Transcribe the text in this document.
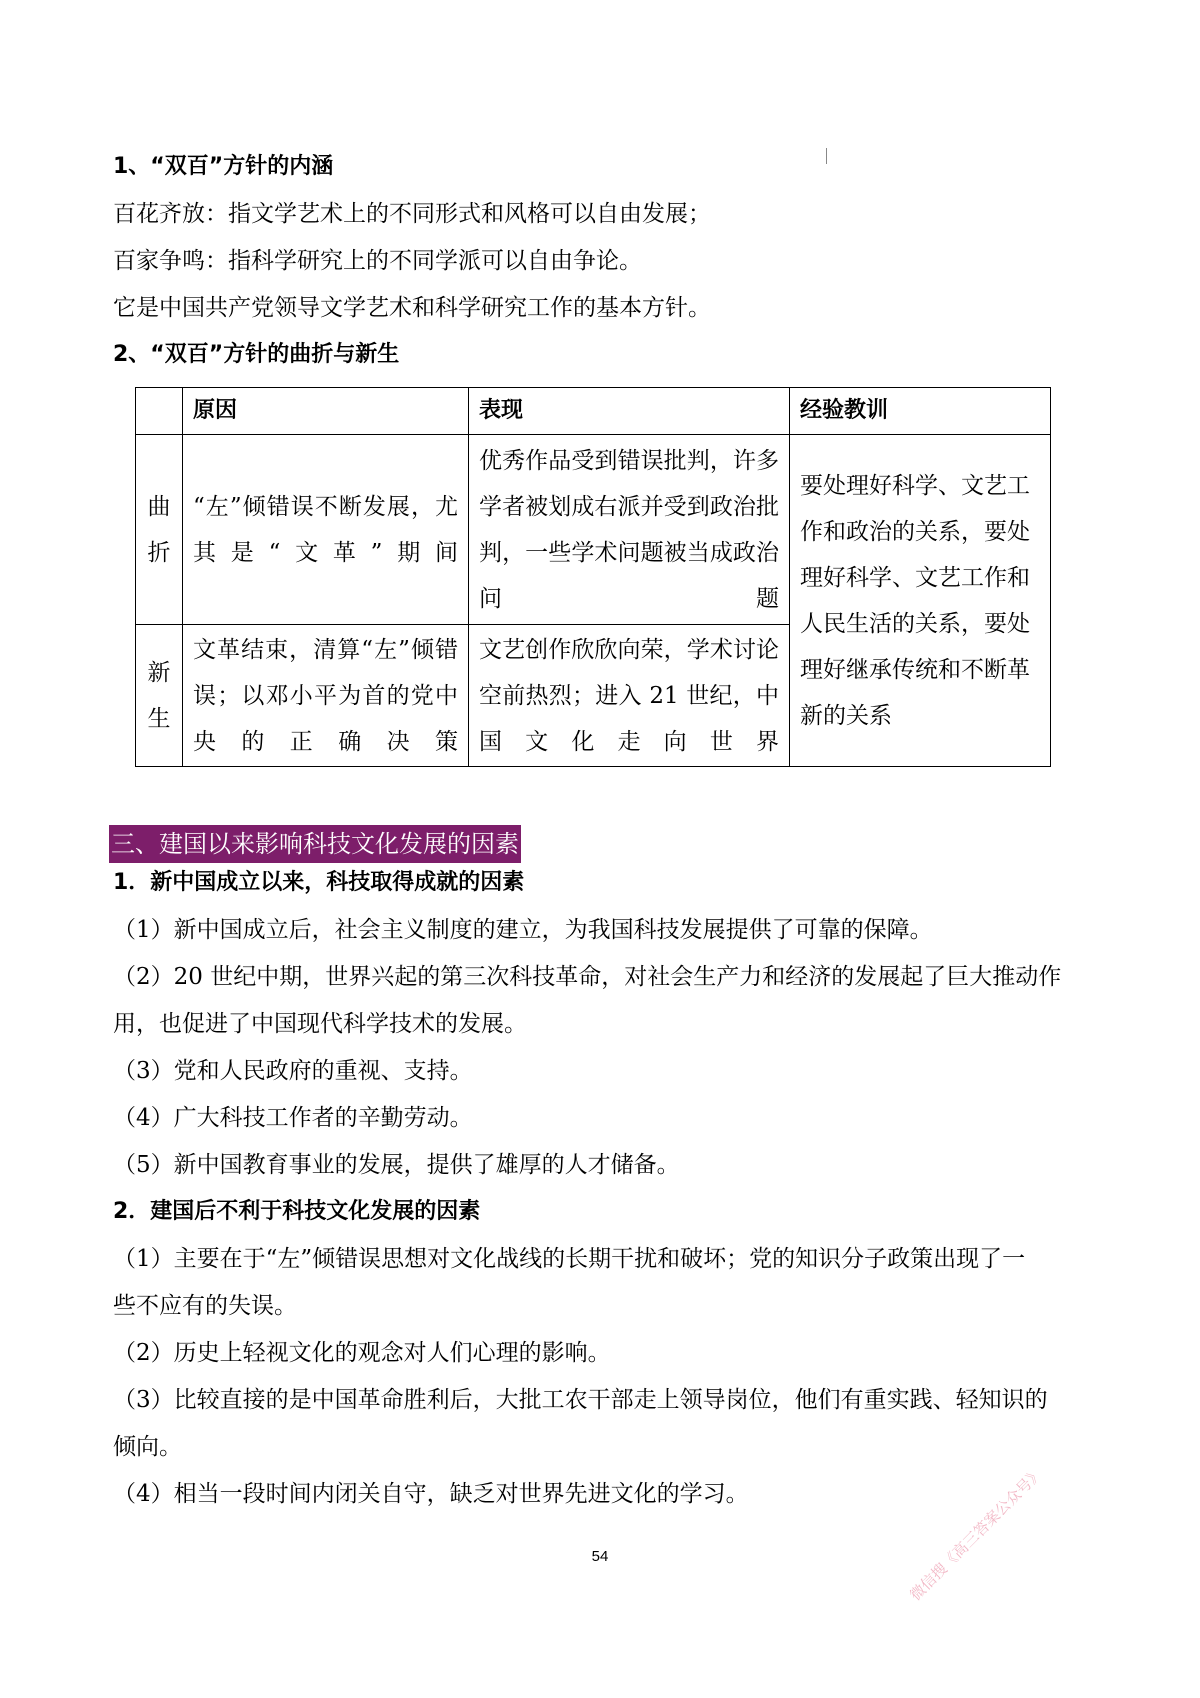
1、“双百”方针的内涵
百花齐放：指文学艺术上的不同形式和风格可以自由发展；
百家争鸣：指科学研究上的不同学派可以自由争论。
它是中国共产党领导文学艺术和科学研究工作的基本方针。
2、“双百”方针的曲折与新生
	原因	表现	经验教训
曲折	“左”倾错误不断发展，尤其是“文革”期间	优秀作品受到错误批判，许多学者被划成右派并受到政治批判，一些学术问题被当成政治问题	要处理好科学、文艺工作和政治的关系，要处理好科学、文艺工作和人民生活的关系，要处理好继承传统和不断革新的关系
新生	文革结束，清算“左”倾错误；以邓小平为首的党中央的正确决策	文艺创作欣欣向荣，学术讨论空前热烈；进入 21 世纪，中国文化走向世界	
三、建国以来影响科技文化发展的因素
1．新中国成立以来，科技取得成就的因素
（1）新中国成立后，社会主义制度的建立，为我国科技发展提供了可靠的保障。
（2）20 世纪中期，世界兴起的第三次科技革命，对社会生产力和经济的发展起了巨大推动作
用，也促进了中国现代科学技术的发展。
（3）党和人民政府的重视、支持。
（4）广大科技工作者的辛勤劳动。
（5）新中国教育事业的发展，提供了雄厚的人才储备。
2．建国后不利于科技文化发展的因素
（1）主要在于“左”倾错误思想对文化战线的长期干扰和破坏；党的知识分子政策出现了一
些不应有的失误。
（2）历史上轻视文化的观念对人们心理的影响。
（3）比较直接的是中国革命胜利后，大批工农干部走上领导岗位，他们有重实践、轻知识的
倾向。
（4）相当一段时间内闭关自守，缺乏对世界先进文化的学习。
54	微信搜《高三答案公众号》
